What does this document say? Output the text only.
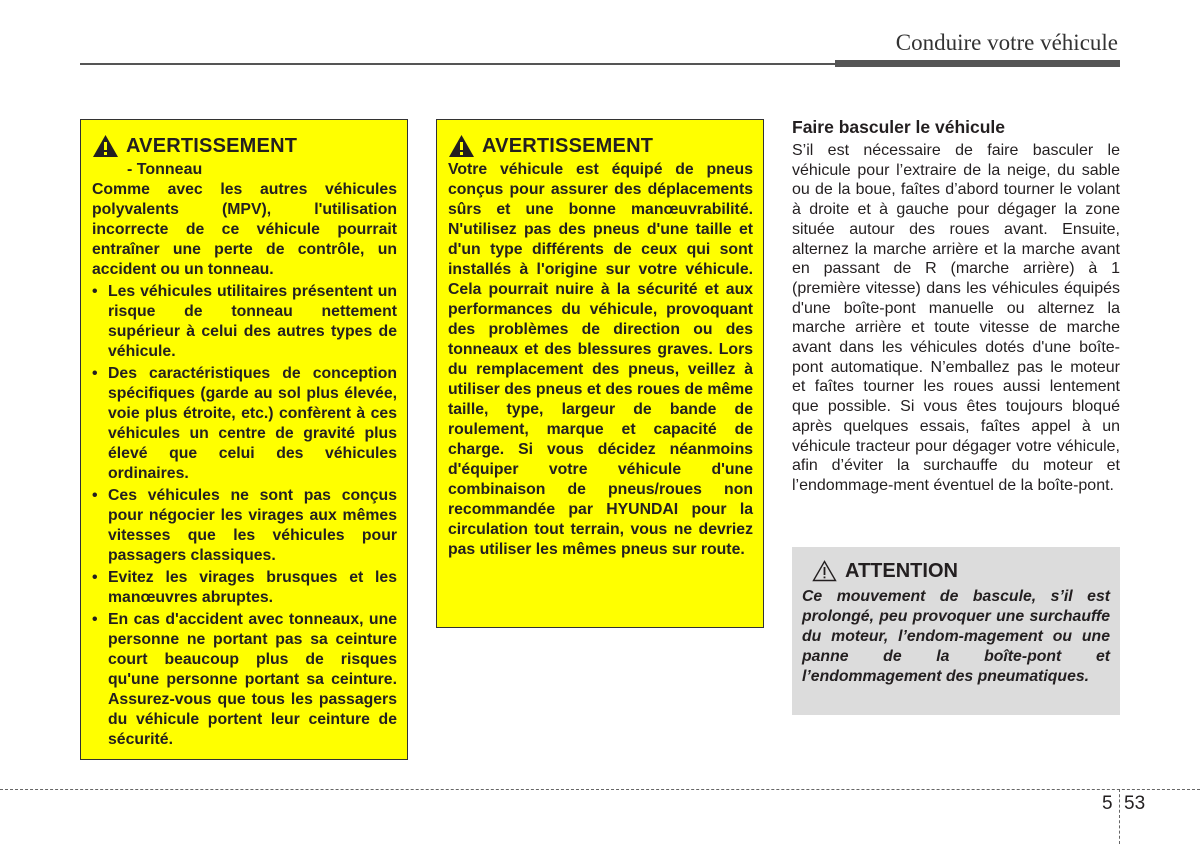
Conduire votre véhicule
AVERTISSEMENT
- Tonneau

Comme avec les autres véhicules polyvalents (MPV), l'utilisation incorrecte de ce véhicule pourrait entraîner une perte de contrôle, un accident ou un tonneau.

• Les véhicules utilitaires présentent un risque de tonneau nettement supérieur à celui des autres types de véhicule.
• Des caractéristiques de conception spécifiques (garde au sol plus élevée, voie plus étroite, etc.) confèrent à ces véhicules un centre de gravité plus élevé que celui des véhicules ordinaires.
• Ces véhicules ne sont pas conçus pour négocier les virages aux mêmes vitesses que les véhicules pour passagers classiques.
• Evitez les virages brusques et les manœuvres abruptes.
• En cas d'accident avec tonneaux, une personne ne portant pas sa ceinture court beaucoup plus de risques qu'une personne portant sa ceinture. Assurez-vous que tous les passagers du véhicule portent leur ceinture de sécurité.
AVERTISSEMENT

Votre véhicule est équipé de pneus conçus pour assurer des déplacements sûrs et une bonne manœuvrabilité. N'utilisez pas des pneus d'une taille et d'un type différents de ceux qui sont installés à l'origine sur votre véhicule. Cela pourrait nuire à la sécurité et aux performances du véhicule, provoquant des problèmes de direction ou des tonneaux et des blessures graves. Lors du remplacement des pneus, veillez à utiliser des pneus et des roues de même taille, type, largeur de bande de roulement, marque et capacité de charge. Si vous décidez néanmoins d'équiper votre véhicule d'une combinaison de pneus/roues non recommandée par HYUNDAI pour la circulation tout terrain, vous ne devriez pas utiliser les mêmes pneus sur route.

Faire basculer le véhicule

S’il est nécessaire de faire basculer le véhicule pour l’extraire de la neige, du sable ou de la boue, faîtes d’abord tourner le volant à droite et à gauche pour dégager la zone située autour des roues avant. Ensuite, alternez la marche arrière et la marche avant en passant de R (marche arrière) à 1 (première vitesse) dans les véhicules équipés d'une boîte-pont manuelle ou alternez la marche arrière et toute vitesse de marche avant dans les véhicules dotés d'une boîte-pont automatique. N’emballez pas le moteur et faîtes tourner les roues aussi lentement que possible. Si vous êtes toujours bloqué après quelques essais, faîtes appel à un véhicule tracteur pour dégager votre véhicule, afin d’éviter la surchauffe du moteur et l’endommage-ment éventuel de la boîte-pont.

ATTENTION

Ce mouvement de bascule, s’il est prolongé, peu provoquer une surchauffe du moteur, l’endom-magement ou une panne de la boîte-pont et l’endommagement des pneumatiques.

5 53
